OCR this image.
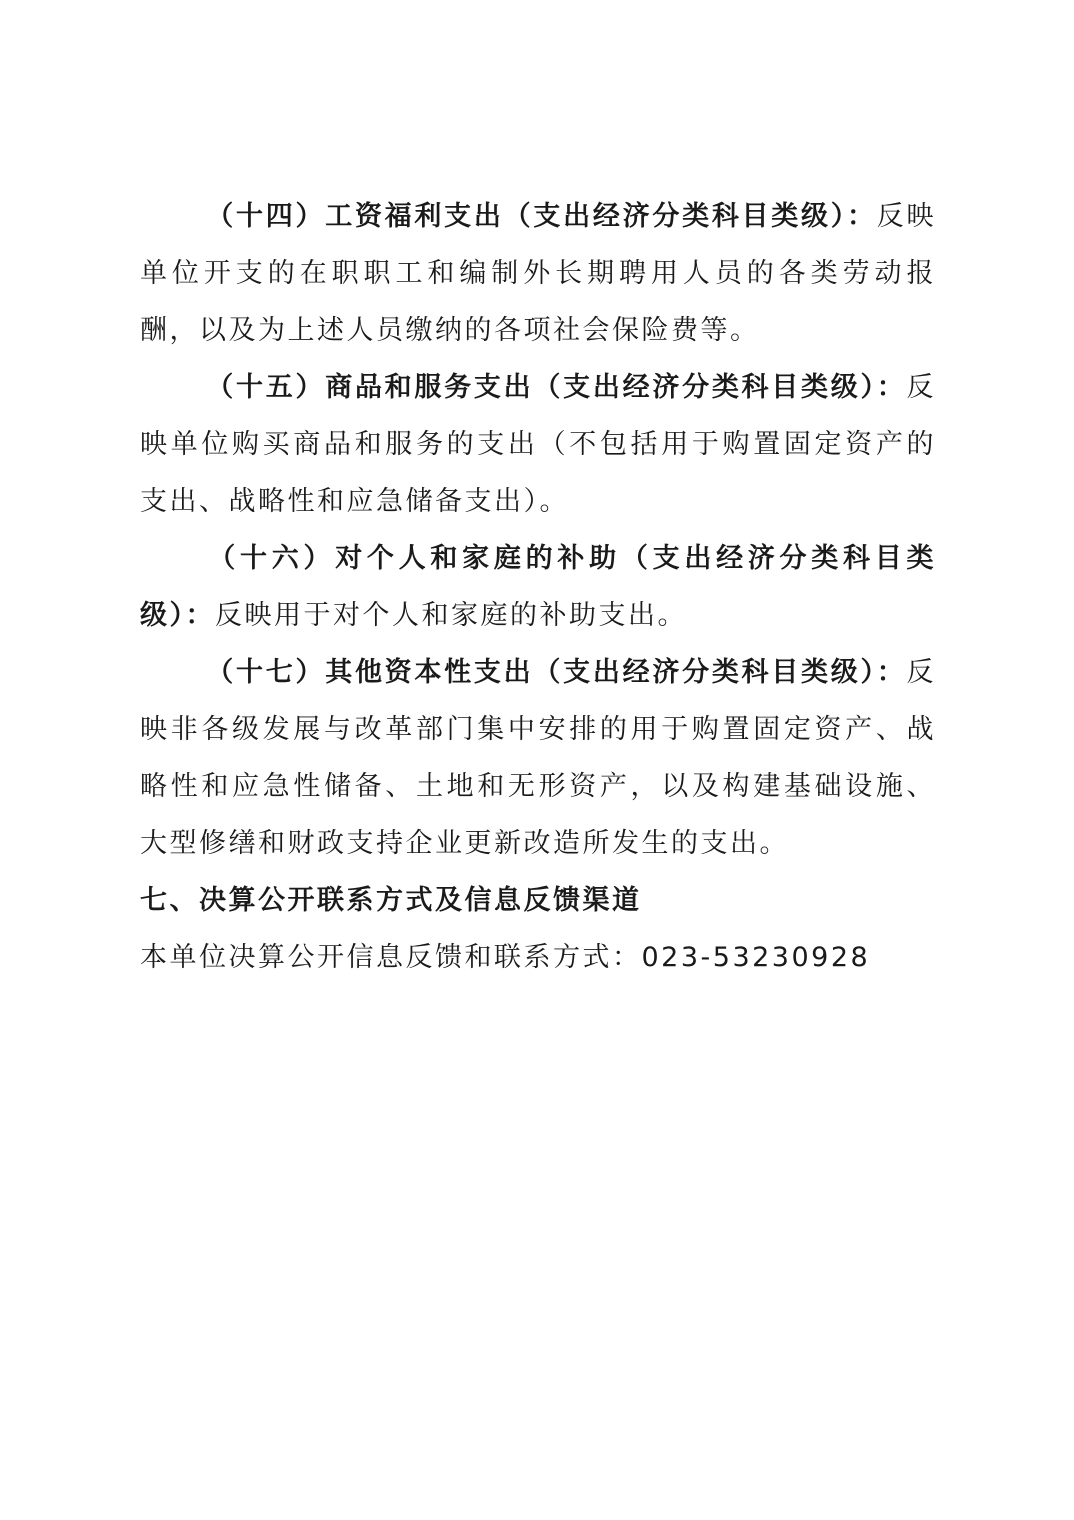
（十四）工资福利支出（支出经济分类科目类级）：反映单位开支的在职职工和编制外长期聘用人员的各类劳动报酬，以及为上述人员缴纳的各项社会保险费等。

（十五）商品和服务支出（支出经济分类科目类级）：反映单位购买商品和服务的支出（不包括用于购置固定资产的支出、战略性和应急储备支出）。

（十六）对个人和家庭的补助（支出经济分类科目类级）：反映用于对个人和家庭的补助支出。

（十七）其他资本性支出（支出经济分类科目类级）：反映非各级发展与改革部门集中安排的用于购置固定资产、战略性和应急性储备、土地和无形资产，以及构建基础设施、大型修缮和财政支持企业更新改造所发生的支出。

七、决算公开联系方式及信息反馈渠道

本单位决算公开信息反馈和联系方式：023-53230928
